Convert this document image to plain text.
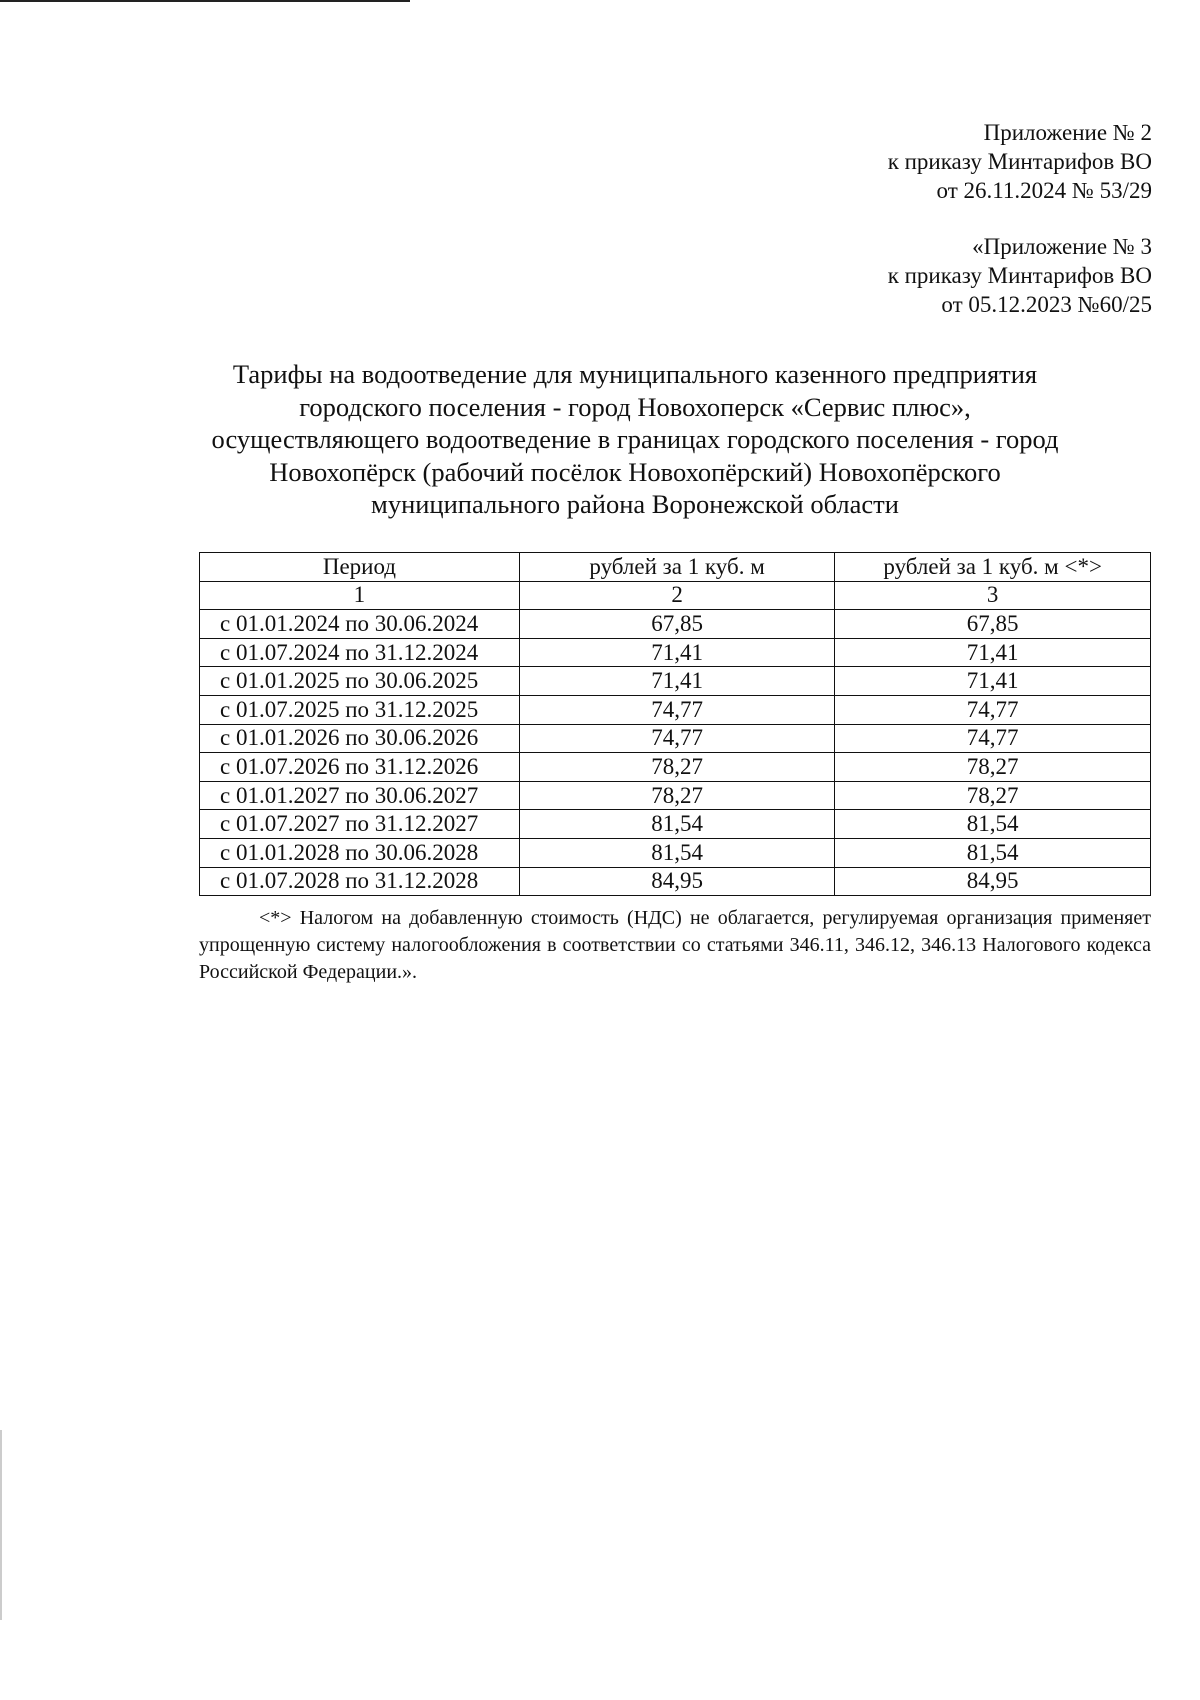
Приложение № 2
к приказу Минтарифов ВО
от 26.11.2024 № 53/29
«Приложение № 3
к приказу Минтарифов ВО
от 05.12.2023 №60/25
Тарифы на водоотведение для муниципального казенного предприятия
городского поселения - город Новохоперск «Сервис плюс»,
осуществляющего водоотведение в границах городского поселения - город
Новохопёрск (рабочий посёлок Новохопёрский) Новохопёрского
муниципального района Воронежской области
Период	рублей за 1 куб. м	рублей за 1 куб. м <*>
1	2	3
с 01.01.2024 по 30.06.2024	67,85	67,85
с 01.07.2024 по 31.12.2024	71,41	71,41
с 01.01.2025 по 30.06.2025	71,41	71,41
с 01.07.2025 по 31.12.2025	74,77	74,77
с 01.01.2026 по 30.06.2026	74,77	74,77
с 01.07.2026 по 31.12.2026	78,27	78,27
с 01.01.2027 по 30.06.2027	78,27	78,27
с 01.07.2027 по 31.12.2027	81,54	81,54
с 01.01.2028 по 30.06.2028	81,54	81,54
с 01.07.2028 по 31.12.2028	84,95	84,95

<*> Налогом на добавленную стоимость (НДС) не облагается, регулируемая организация применяет упрощенную систему налогообложения в соответствии со статьями 346.11, 346.12, 346.13 Налогового кодекса Российской Федерации.».
